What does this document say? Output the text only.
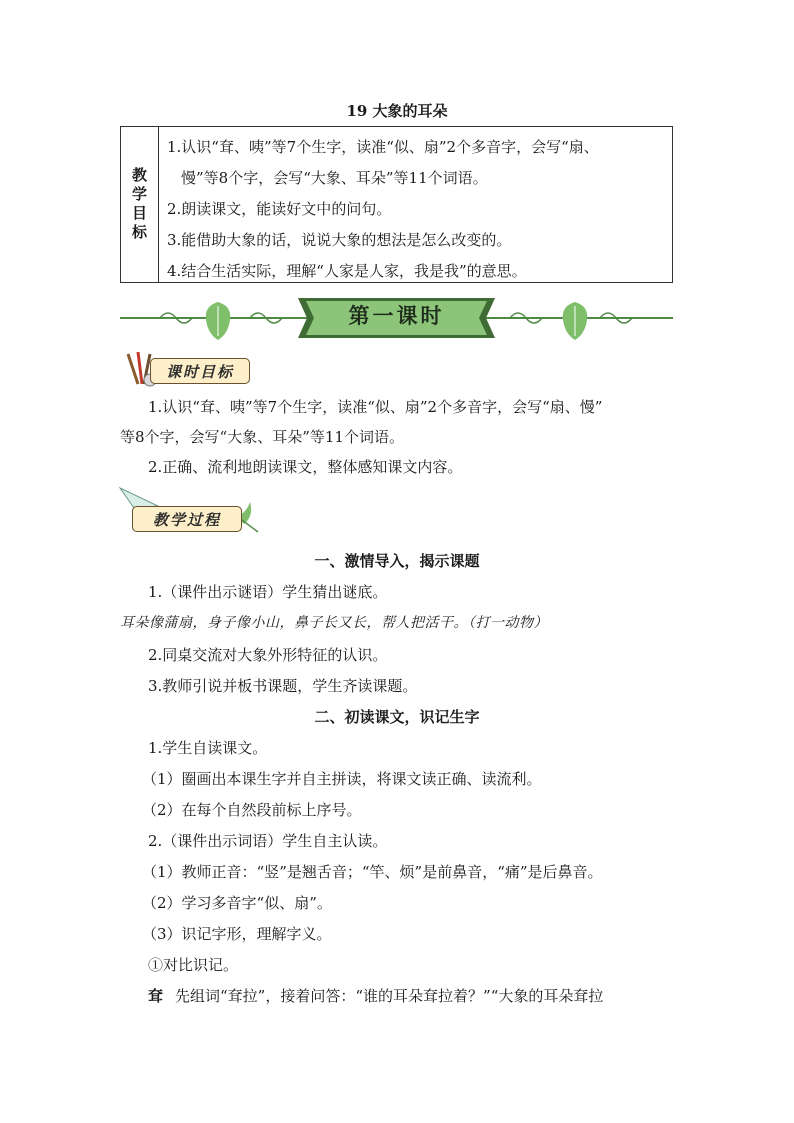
19 大象的耳朵
教学目标
1.认识“耷、咦”等7个生字，读准“似、扇”2个多音字，会写“扇、
慢”等8个字，会写“大象、耳朵”等11个词语。
2.朗读课文，能读好文中的问句。
3.能借助大象的话，说说大象的想法是怎么改变的。
4.结合生活实际，理解“人家是人家，我是我”的意思。
第一课时
课时目标
1.认识“耷、咦”等7个生字，读准“似、扇”2个多音字，会写“扇、慢”
等8个字，会写“大象、耳朵”等11个词语。
2.正确、流利地朗读课文，整体感知课文内容。
教学过程
一、激情导入，揭示课题
1.（课件出示谜语）学生猜出谜底。
耳朵像蒲扇，身子像小山，鼻子长又长，帮人把活干。（打一动物）
2.同桌交流对大象外形特征的认识。
3.教师引说并板书课题，学生齐读课题。
二、初读课文，识记生字
1.学生自读课文。
（1）圈画出本课生字并自主拼读，将课文读正确、读流利。
（2）在每个自然段前标上序号。
2.（课件出示词语）学生自主认读。
（1）教师正音：“竖”是翘舌音；“竿、烦”是前鼻音，“痛”是后鼻音。
（2）学习多音字“似、扇”。
（3）识记字形，理解字义。
①对比识记。
耷 先组词“耷拉”，接着问答：“谁的耳朵耷拉着？”“大象的耳朵耷拉
